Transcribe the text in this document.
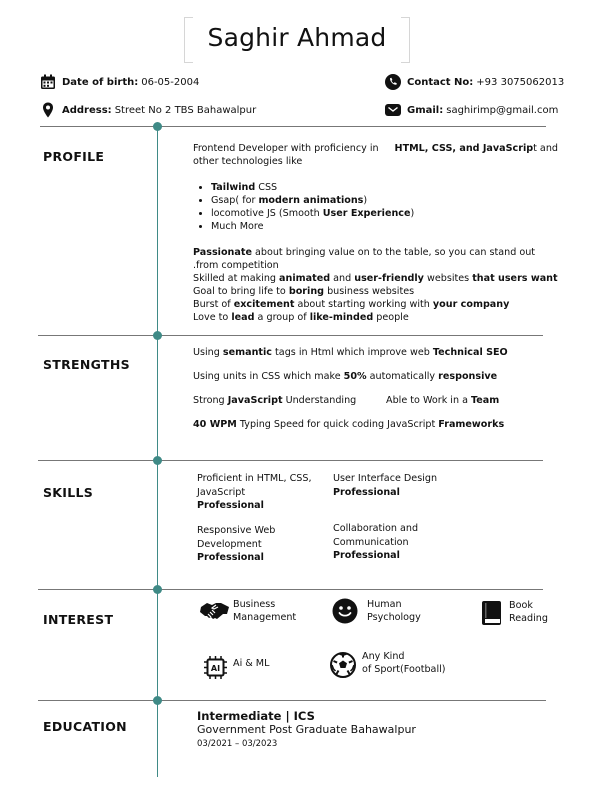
Saghir Ahmad
Date of birth: 06-05-2004
Address: Street No 2 TBS Bahawalpur
Contact No: +93 3075062013
Gmail: saghirimp@gmail.com
PROFILE
STRENGTHS
SKILLS
INTEREST
EDUCATION
Frontend Developer with proficiency in HTML, CSS, and JavaScript and
other technologies like
• Tailwind CSS
• Gsap( for modern animations)
• locomotive JS (Smooth User Experience)
• Much More
Passionate about bringing value on to the table, so you can stand out
.from competition
Skilled at making animated and user-friendly websites that users want
Goal to bring life to boring business websites
Burst of excitement about starting working with your company
Love to lead a group of like-minded people
Using semantic tags in Html which improve web Technical SEO
Using units in CSS which make 50% automatically responsive
Strong JavaScript Understanding	Able to Work in a Team
40 WPM Typing Speed for quick coding JavaScript Frameworks
Proficient in HTML, CSS,
JavaScript
Professional
User Interface Design
Professional
Responsive Web
Development
Professional
Collaboration and
Communication
Professional
Business
Management
Human
Psychology
Book
Reading
AI Ai & ML
Any Kind
of Sport(Football)
Intermediate | ICS
Government Post Graduate Bahawalpur
03/2021 – 03/2023
